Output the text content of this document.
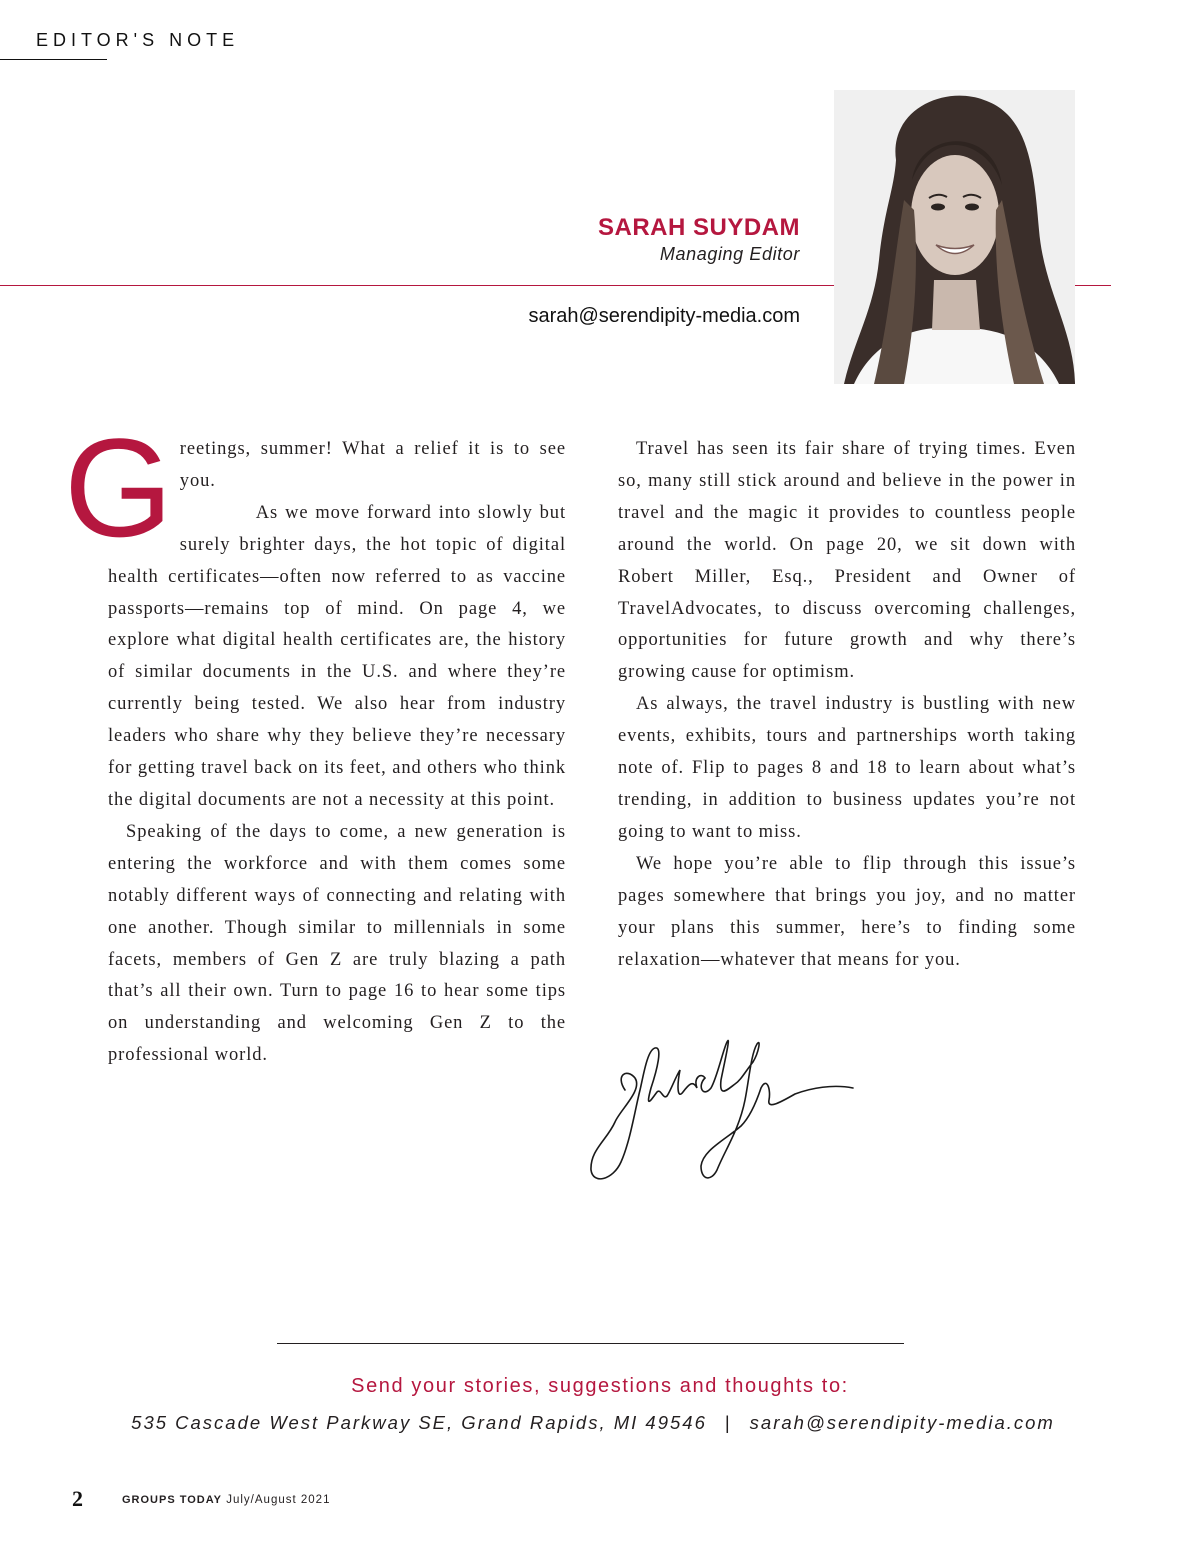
EDITOR'S NOTE
SARAH SUYDAM
Managing Editor
sarah@serendipity-media.com

Greetings, summer! What a relief it is to see you.

As we move forward into slowly but surely brighter days, the hot topic of digital health certificates—often now referred to as vaccine passports—remains top of mind. On page 4, we explore what digital health certificates are, the history of similar documents in the U.S. and where they’re currently being tested. We also hear from industry leaders who share why they believe they’re necessary for getting travel back on its feet, and others who think the digital documents are not a necessity at this point.

Speaking of the days to come, a new generation is entering the workforce and with them comes some notably different ways of connecting and relating with one another. Though similar to millennials in some facets, members of Gen Z are truly blazing a path that’s all their own. Turn to page 16 to hear some tips on understanding and welcoming Gen Z to the professional world.

Travel has seen its fair share of trying times. Even so, many still stick around and believe in the power in travel and the magic it provides to countless people around the world. On page 20, we sit down with Robert Miller, Esq., President and Owner of TravelAdvocates, to discuss overcoming challenges, opportunities for future growth and why there’s growing cause for optimism.

As always, the travel industry is bustling with new events, exhibits, tours and partnerships worth taking note of. Flip to pages 8 and 18 to learn about what’s trending, in addition to business updates you’re not going to want to miss.

We hope you’re able to flip through this issue’s pages somewhere that brings you joy, and no matter your plans this summer, here’s to finding some relaxation—whatever that means for you.

Send your stories, suggestions and thoughts to:
535 Cascade West Parkway SE, Grand Rapids, MI 49546 | sarah@serendipity-media.com
2	GROUPS TODAY July/August 2021
